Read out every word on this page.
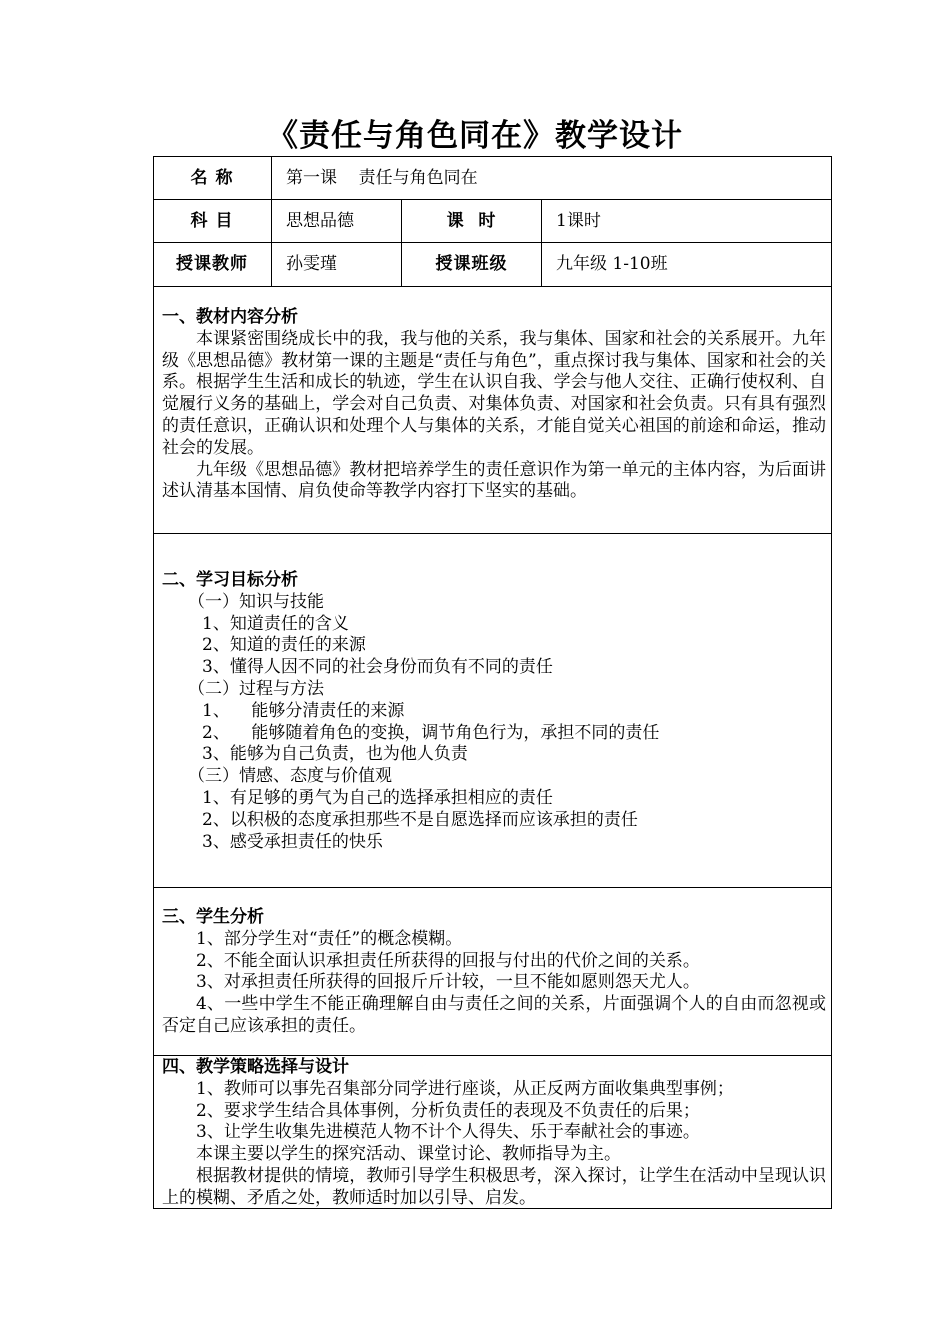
《责任与角色同在》教学设计
名 称	第一课    责任与角色同在
科 目	思想品德	课  时	1课时
授课教师	孙雯瑾	授课班级	九年级 1-10班
一、教材内容分析
本课紧密围绕成长中的我，我与他的关系，我与集体、国家和社会的关系展开。九年级《思想品德》教材第一课的主题是“责任与角色”，重点探讨我与集体、国家和社会的关系。根据学生生活和成长的轨迹，学生在认识自我、学会与他人交往、正确行使权利、自觉履行义务的基础上，学会对自己负责、对集体负责、对国家和社会负责。只有具有强烈的责任意识，正确认识和处理个人与集体的关系，才能自觉关心祖国的前途和命运，推动社会的发展。
九年级《思想品德》教材把培养学生的责任意识作为第一单元的主体内容，为后面讲述认清基本国情、肩负使命等教学内容打下坚实的基础。
二、学习目标分析
（一）知识与技能
1、知道责任的含义
2、知道的责任的来源
3、懂得人因不同的社会身份而负有不同的责任
（二）过程与方法
1、    能够分清责任的来源
2、    能够随着角色的变换，调节角色行为，承担不同的责任
3、能够为自己负责，也为他人负责
（三）情感、态度与价值观
1、有足够的勇气为自己的选择承担相应的责任
2、以积极的态度承担那些不是自愿选择而应该承担的责任
3、感受承担责任的快乐
三、学生分析
1、部分学生对“责任”的概念模糊。
2、不能全面认识承担责任所获得的回报与付出的代价之间的关系。
3、对承担责任所获得的回报斤斤计较，一旦不能如愿则怨天尤人。
4、一些中学生不能正确理解自由与责任之间的关系，片面强调个人的自由而忽视或否定自己应该承担的责任。
四、教学策略选择与设计
1、教师可以事先召集部分同学进行座谈，从正反两方面收集典型事例；
2、要求学生结合具体事例，分析负责任的表现及不负责任的后果；
3、让学生收集先进模范人物不计个人得失、乐于奉献社会的事迹。
本课主要以学生的探究活动、课堂讨论、教师指导为主。
根据教材提供的情境，教师引导学生积极思考，深入探讨，让学生在活动中呈现认识上的模糊、矛盾之处，教师适时加以引导、启发。
